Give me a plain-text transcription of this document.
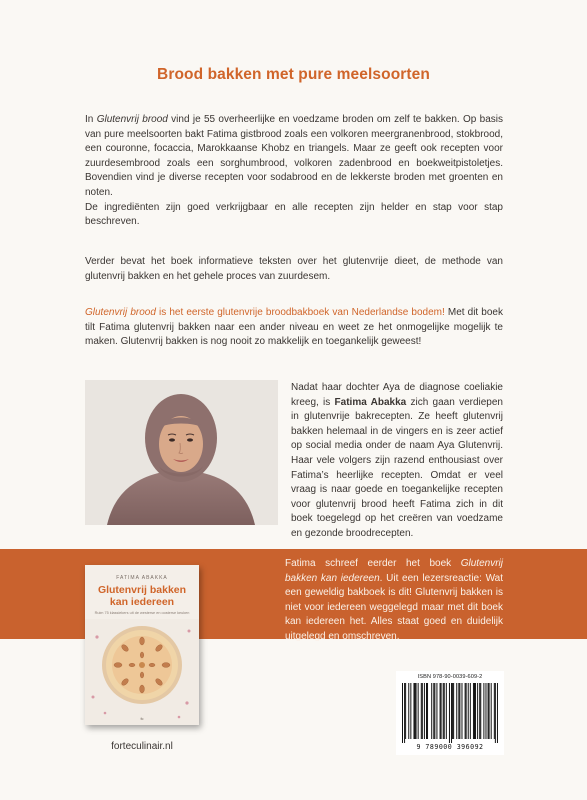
Brood bakken met pure meelsoorten

In Glutenvrij brood vind je 55 overheerlijke en voedzame broden om zelf te bakken. Op basis van pure meelsoorten bakt Fatima gistbrood zoals een volkoren meergranenbrood, stokbrood, een couronne, focaccia, Marokkaanse Khobz en triangels. Maar ze geeft ook recepten voor zuurdesembrood zoals een sorghumbrood, volkoren zadenbrood en boekweitpistoletjes. Bovendien vind je diverse recepten voor sodabrood en de lekkerste broden met groenten en noten.

De ingrediënten zijn goed verkrijgbaar en alle recepten zijn helder en stap voor stap beschreven.

Verder bevat het boek informatieve teksten over het glutenvrije dieet, de methode van glutenvrij bakken en het gehele proces van zuurdesem.

Glutenvrij brood is het eerste glutenvrije broodbakboek van Nederlandse bodem! Met dit boek tilt Fatima glutenvrij bakken naar een ander niveau en weet ze het onmogelijke mogelijk te maken. Glutenvrij bakken is nog nooit zo makkelijk en toegankelijk geweest!

Nadat haar dochter Aya de diagnose coeliakie kreeg, is Fatima Abakka zich gaan verdiepen in glutenvrije bakrecepten. Ze heeft glutenvrij bakken helemaal in de vingers en is zeer actief op social media onder de naam Aya Glutenvrij. Haar vele volgers zijn razend enthousiast over Fatima’s heerlijke recepten. Omdat er veel vraag is naar goede en toegankelijke recepten voor glutenvrij brood heeft Fatima zich in dit boek toegelegd op het creëren van voedzame en gezonde broodrecepten.

Fatima schreef eerder het boek Glutenvrij bakken kan iedereen. Uit een lezersreactie: Wat een geweldig bakboek is dit! Glutenvrij bakken is niet voor iedereen weggelegd maar met dit boek kan iedereen het. Alles staat goed en duidelijk uitgelegd en omschreven.

FATIMA ABAKKA
Glutenvrij bakken
kan iedereen
Ruim 75 klassiekers uit de westerse en oosterse keuken
fc
forteculinair.nl
ISBN 978-90-0039-609-2
9 789000 396092
